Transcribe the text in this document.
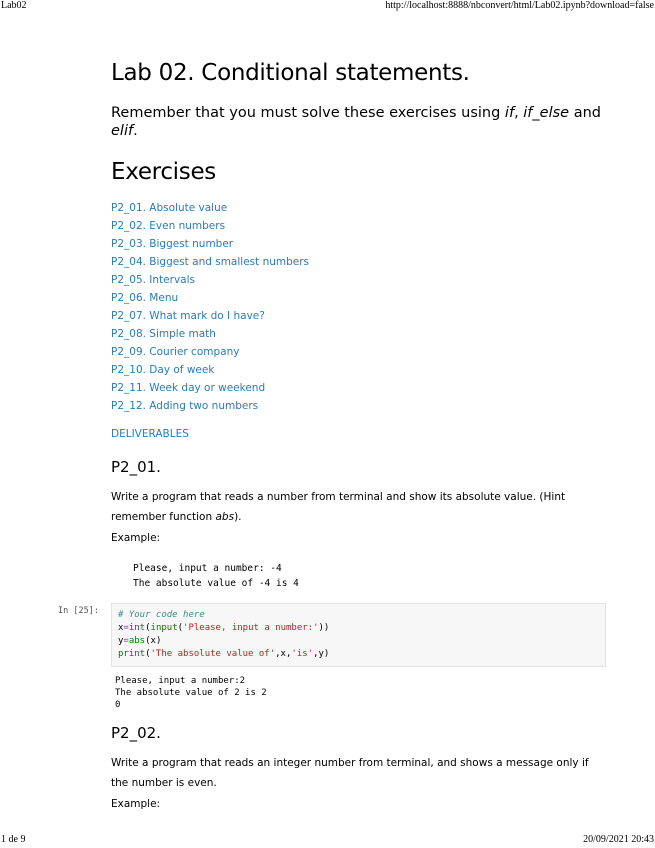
Lab02	http://localhost:8888/nbconvert/html/Lab02.ipynb?download=false
Lab 02. Conditional statements.
Remember that you must solve these exercises using if, if_else and elif.
Exercises
P2_01. Absolute value
P2_02. Even numbers
P2_03. Biggest number
P2_04. Biggest and smallest numbers
P2_05. Intervals
P2_06. Menu
P2_07. What mark do I have?
P2_08. Simple math
P2_09. Courier company
P2_10. Day of week
P2_11. Week day or weekend
P2_12. Adding two numbers
DELIVERABLES
P2_01.

Write a program that reads a number from terminal and show its absolute value. (Hint remember function abs).

Example:
Please, input a number: -4
The absolute value of -4 is 4
In [25]:	# Your code here
x=int(input('Please, input a number:'))
y=abs(x)
print('The absolute value of',x,'is',y)
Please, input a number:2
The absolute value of 2 is 2
0
P2_02.

Write a program that reads an integer number from terminal, and shows a message only if the number is even.

Example:
1 de 9	20/09/2021 20:43
